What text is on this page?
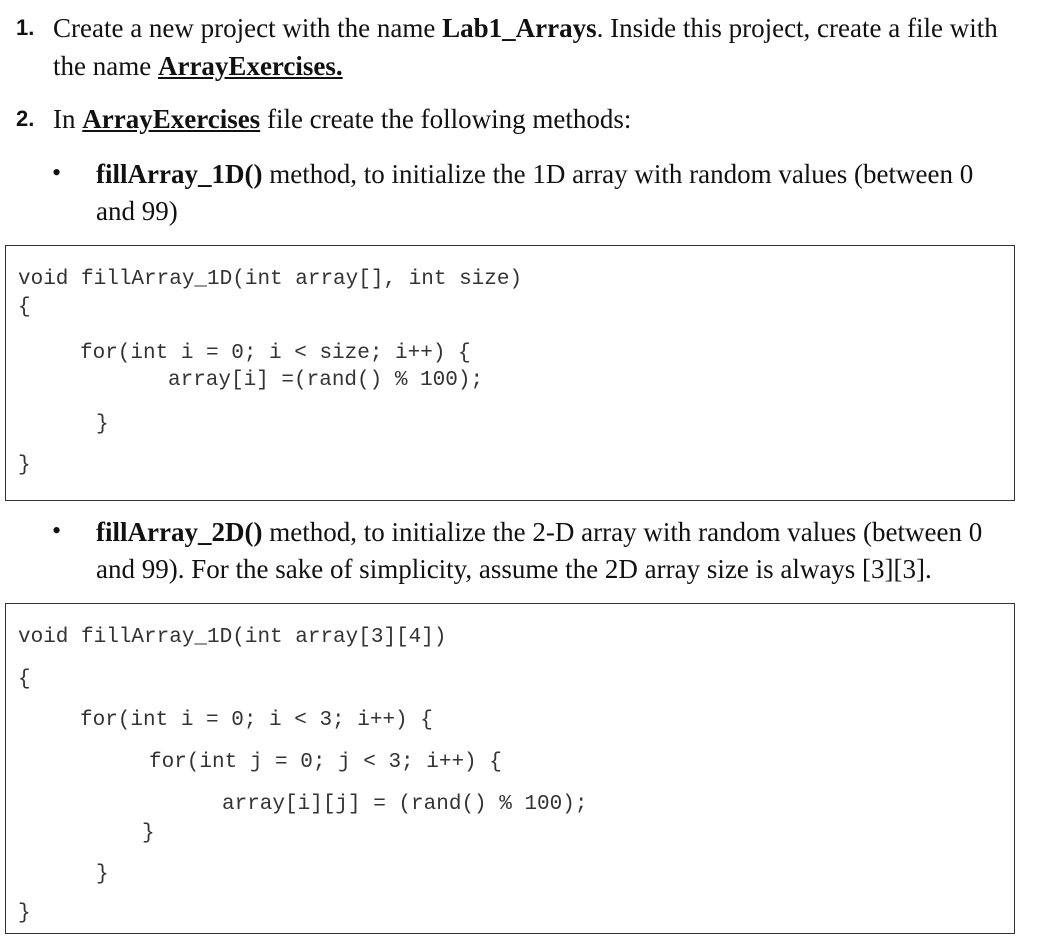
1. Create a new project with the name Lab1_Arrays. Inside this project, create a file with
the name ArrayExercises.
2. In ArrayExercises file create the following methods:
• fillArray_1D() method, to initialize the 1D array with random values (between 0
and 99)
void fillArray_1D(int array[], int size)
{
for(int i = 0; i < size; i++) {
array[i] =(rand() % 100);
}
}
• fillArray_2D() method, to initialize the 2-D array with random values (between 0
and 99). For the sake of simplicity, assume the 2D array size is always [3][3].
void fillArray_1D(int array[3][4])
{
for(int i = 0; i < 3; i++) {
for(int j = 0; j < 3; i++) {
array[i][j] = (rand() % 100);
}
}
}
